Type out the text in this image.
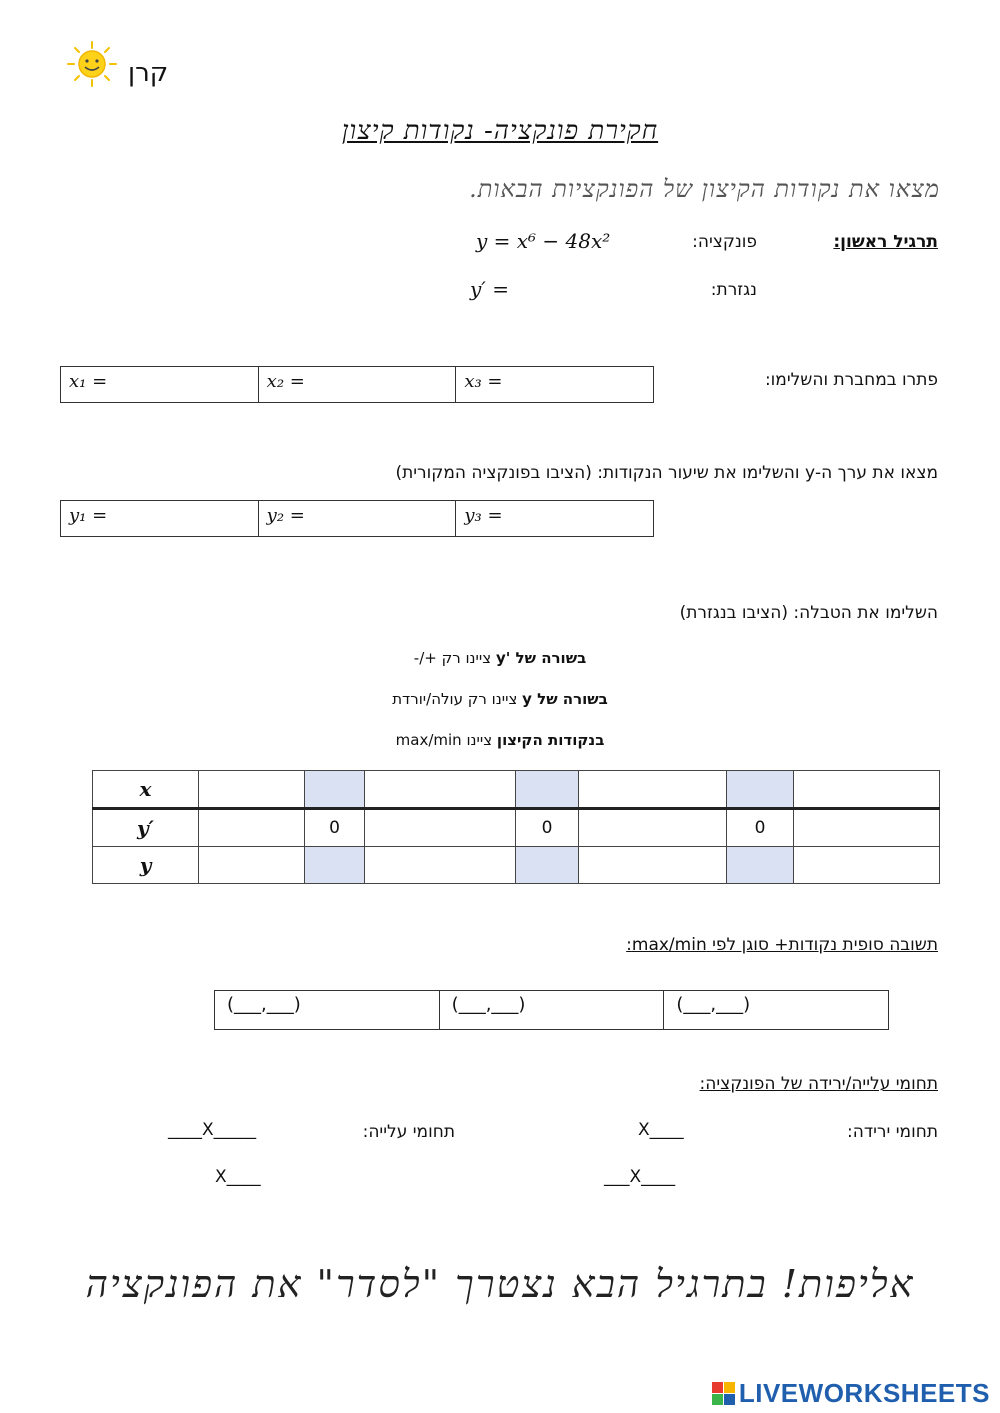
קרן
חקירת פונקציה- נקודות קיצון
מצאו את נקודות הקיצון של הפונקציות הבאות.
תרגיל ראשון:
פונקציה:
y = x⁶ − 48x²
נגזרת:
y′ =
פתרו במחברת והשלימו:
x₁ =	x₂ =	x₃ =
מצאו את ערך ה-y והשלימו את שיעור הנקודות: (הציבו בפונקציה המקורית)
y₁ =	y₂ =	y₃ =
השלימו את הטבלה: (הציבו בנגזרת)
בשורה של 'y ציינו רק +/-
בשורה של y ציינו רק עולה/יורדת
בנקודות הקיצון ציינו max/min
x							
y′		0		0		0	
y							
תשובה סופית נקודות+ סוגן לפי max/min:
(___,___)	(___,___)	(___,___)
תחומי עלייה/ירידה של הפונקציה:
תחומי ירידה:
X____
___X____
תחומי עלייה:
____X_____
X____
אליפות! בתרגיל הבא נצטרך "לסדר" את הפונקציה
LIVEWORKSHEETS
